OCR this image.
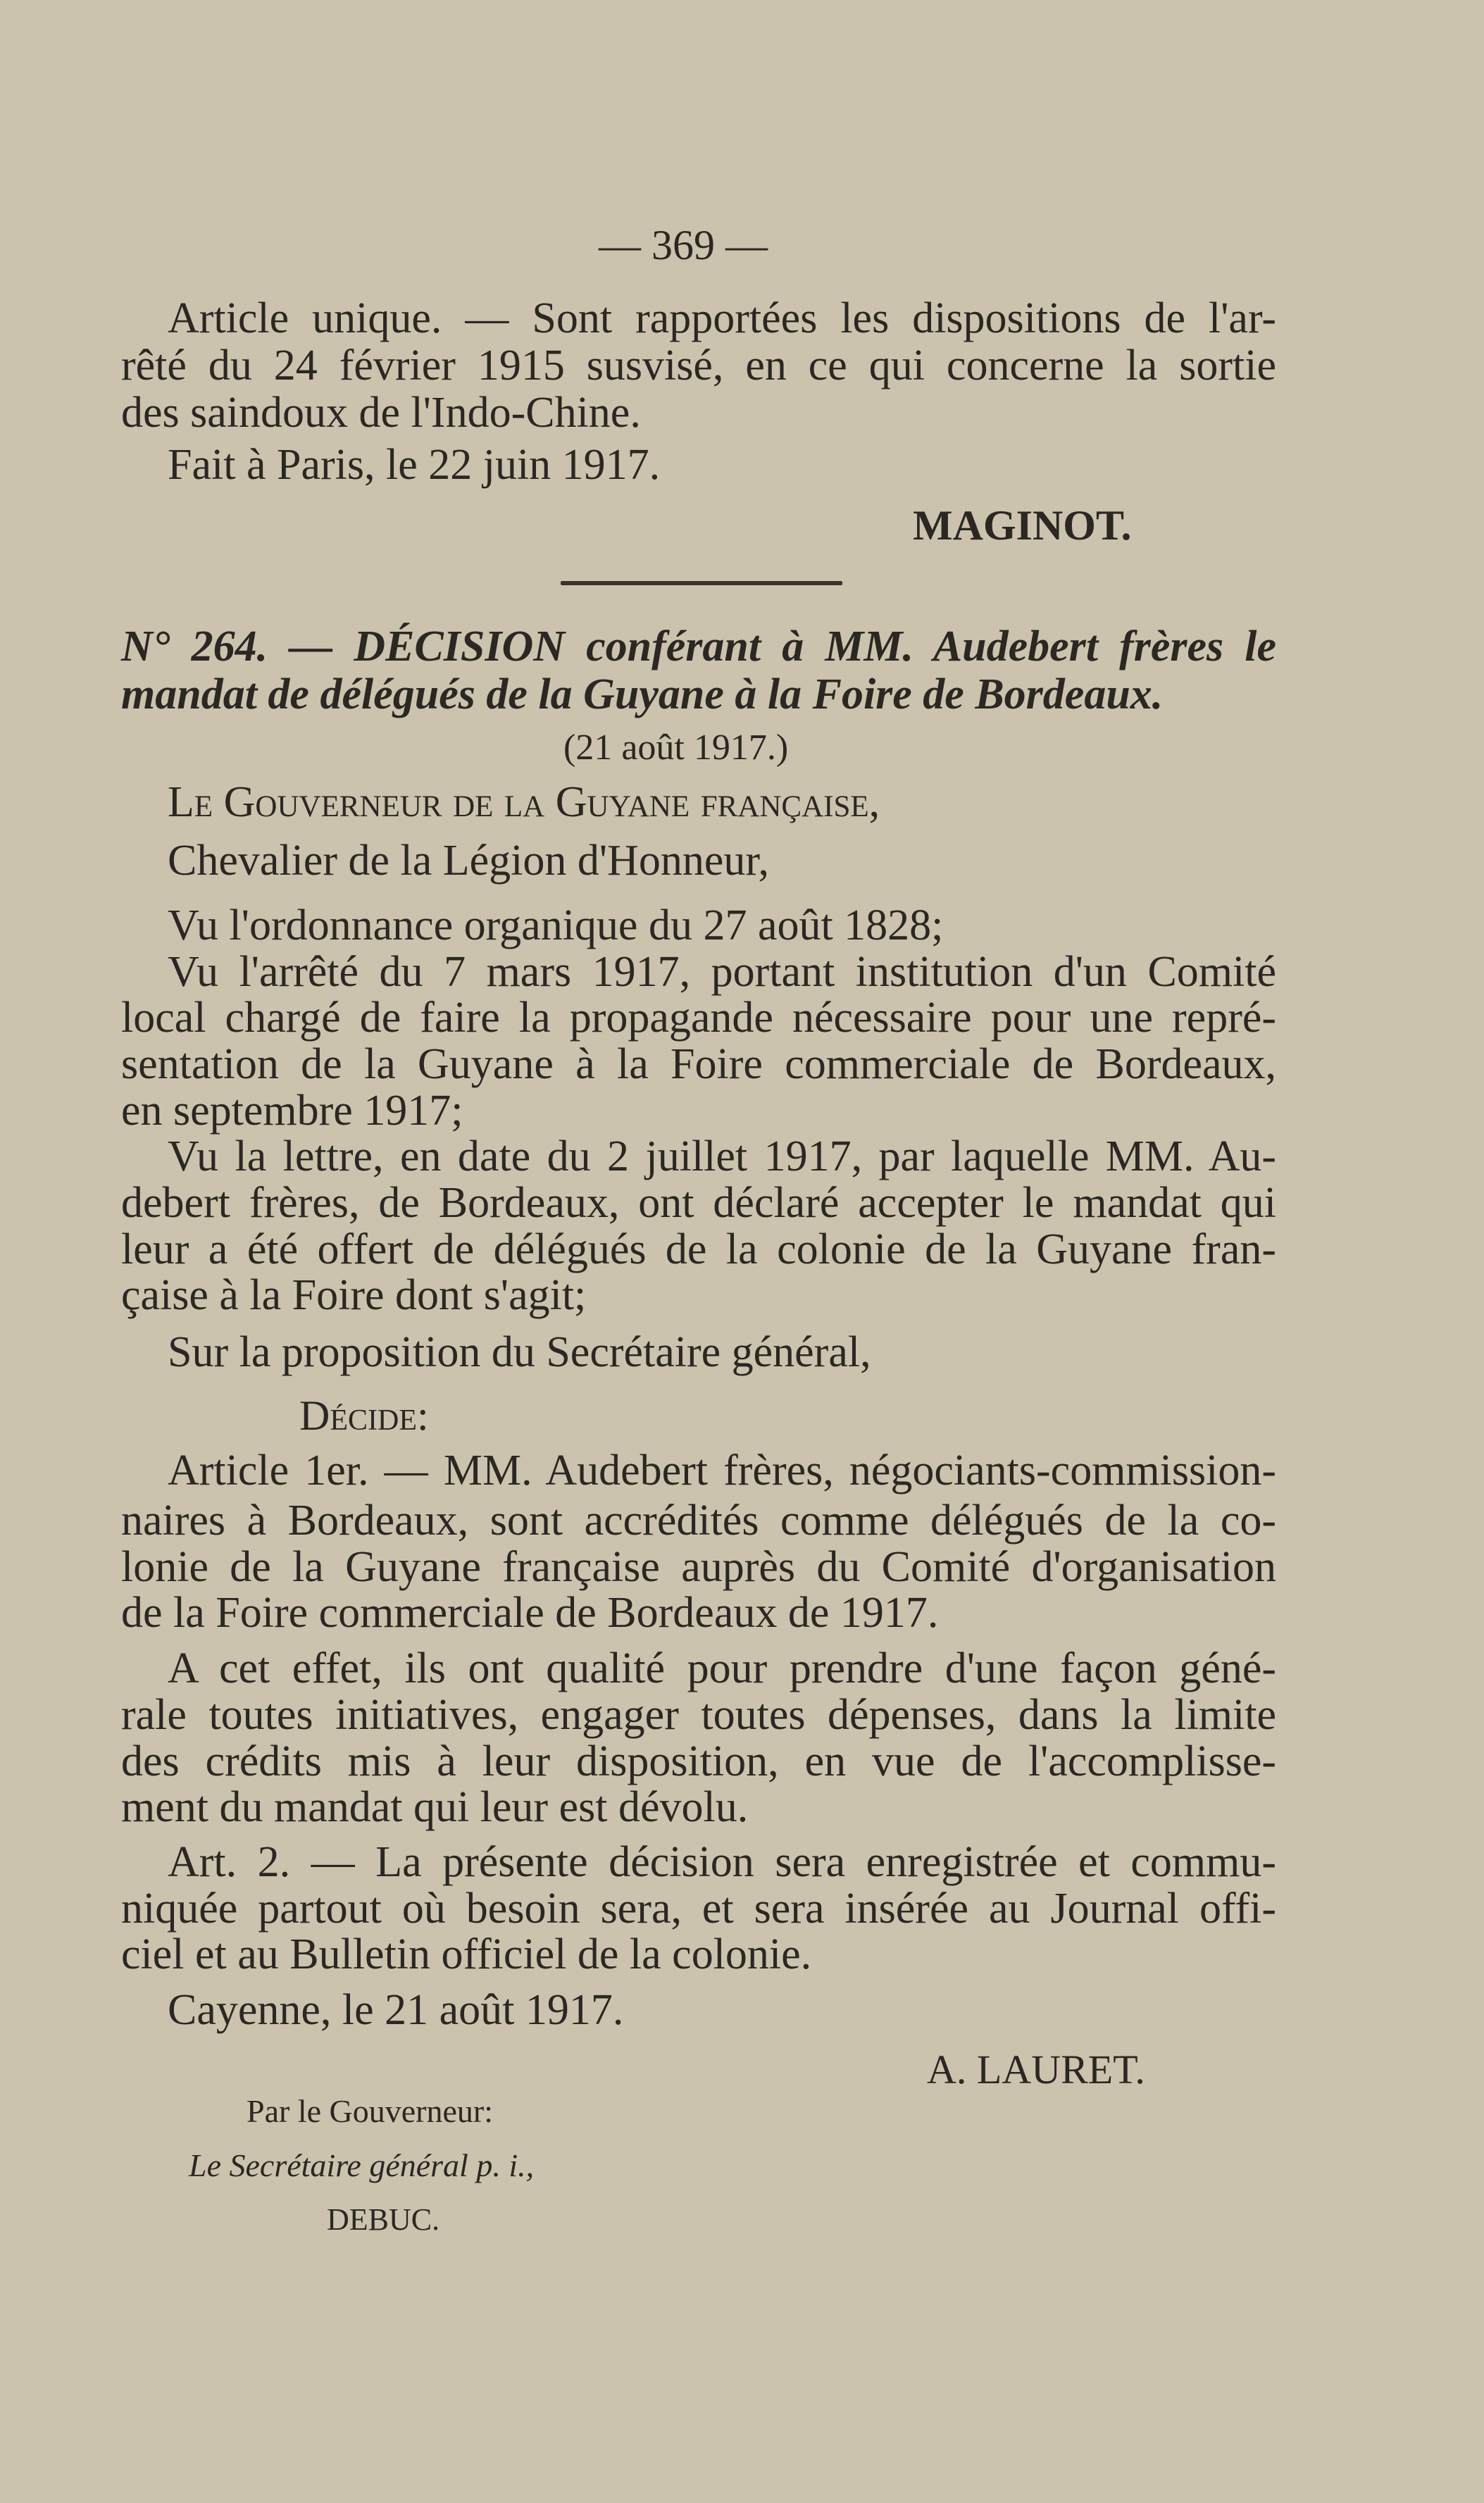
— 369 —
Article unique. — Sont rapportées les dispositions de l'ar-
rêté du 24 février 1915 susvisé, en ce qui concerne la sortie
des saindoux de l'Indo-Chine.
Fait à Paris, le 22 juin 1917.
MAGINOT.
N° 264. — DÉCISION conférant à MM. Audebert frères le
mandat de délégués de la Guyane à la Foire de Bordeaux.
(21 août 1917.)
Le Gouverneur de la Guyane française,
Chevalier de la Légion d'Honneur,
Vu l'ordonnance organique du 27 août 1828;
Vu l'arrêté du 7 mars 1917, portant institution d'un Comité
local chargé de faire la propagande nécessaire pour une repré-
sentation de la Guyane à la Foire commerciale de Bordeaux,
en septembre 1917;
Vu la lettre, en date du 2 juillet 1917, par laquelle MM. Au-
debert frères, de Bordeaux, ont déclaré accepter le mandat qui
leur a été offert de délégués de la colonie de la Guyane fran-
çaise à la Foire dont s'agit;
Sur la proposition du Secrétaire général,
Décide:
Article 1er. — MM. Audebert frères, négociants-commission-
naires à Bordeaux, sont accrédités comme délégués de la co-
lonie de la Guyane française auprès du Comité d'organisation
de la Foire commerciale de Bordeaux de 1917.
A cet effet, ils ont qualité pour prendre d'une façon géné-
rale toutes initiatives, engager toutes dépenses, dans la limite
des crédits mis à leur disposition, en vue de l'accomplisse-
ment du mandat qui leur est dévolu.
Art. 2. — La présente décision sera enregistrée et commu-
niquée partout où besoin sera, et sera insérée au Journal offi-
ciel et au Bulletin officiel de la colonie.
Cayenne, le 21 août 1917.
A. LAURET.
Par le Gouverneur:
Le Secrétaire général p. i.,
DEBUC.
